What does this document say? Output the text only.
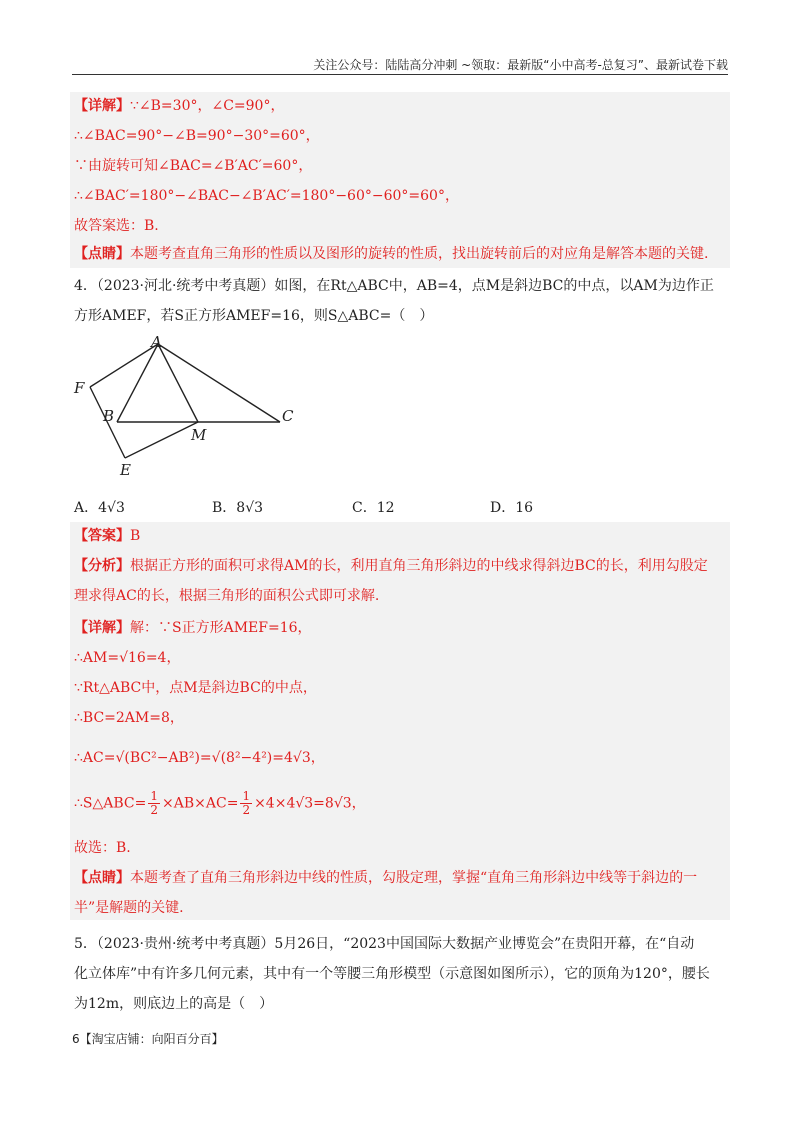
关注公众号：陆陆高分冲刺 ~领取：最新版“小中高考-总复习”、最新试卷下载
【详解】∵∠B=30°，∠C=90°，
∴∠BAC=90°−∠B=90°−30°=60°，
∵由旋转可知∠BAC=∠B′AC′=60°，
∴∠BAC′=180°−∠BAC−∠B′AC′=180°−60°−60°=60°，
故答案选：B.
【点睛】本题考查直角三角形的性质以及图形的旋转的性质，找出旋转前后的对应角是解答本题的关键.
4．（2023·河北·统考中考真题）如图，在Rt△ABC中，AB=4，点M是斜边BC的中点，以AM为边作正
方形AMEF，若S正方形AMEF=16，则S△ABC=（　）
A
F
B	C
M
E
A．4√3	B．8√3	C．12	D．16
【答案】B
【分析】根据正方形的面积可求得AM的长，利用直角三角形斜边的中线求得斜边BC的长，利用勾股定
理求得AC的长，根据三角形的面积公式即可求解.
【详解】解：∵S正方形AMEF=16，
∴AM=√16=4，
∵Rt△ABC中，点M是斜边BC的中点，
∴BC=2AM=8，
∴AC=√(BC²−AB²)=√(8²−4²)=4√3，
∴S△ABC= $\frac{1}{2} \times AB\times AC= \frac{1}{2} \times 4\times 4√3=8√3$，
故选：B.
【点睛】本题考查了直角三角形斜边中线的性质，勾股定理，掌握“直角三角形斜边中线等于斜边的一
半”是解题的关键.
5．（2023·贵州·统考中考真题）5月26日，“2023中国国际大数据产业博览会”在贵阳开幕，在“自动
化立体库”中有许多几何元素，其中有一个等腰三角形模型（示意图如图所示），它的顶角为120°，腰长
为12m，则底边上的高是（　）
6【淘宝店铺：向阳百分百】
